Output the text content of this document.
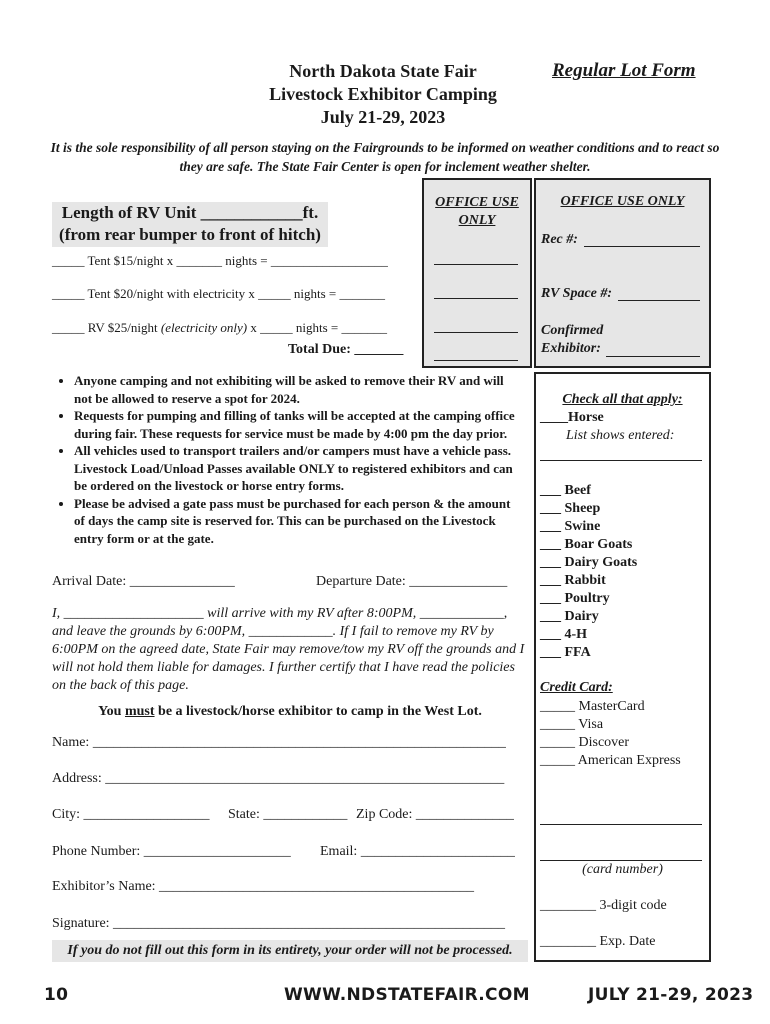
North Dakota State Fair
Livestock Exhibitor Camping
July 21-29, 2023
Regular Lot Form
It is the sole responsibility of all person staying on the Fairgrounds to be informed on weather conditions and to react so they are safe. The State Fair Center is open for inclement weather shelter.
Length of RV Unit ____________ft.
(from rear bumper to front of hitch)
_____ Tent $15/night x _______ nights = __________________
_____ Tent $20/night with electricity x _____ nights = _______
_____ RV $25/night (electricity only) x _____ nights = _______
Total Due: _______
OFFICE USE
ONLY
OFFICE USE ONLY
Rec #:
RV Space #:
Confirmed
Exhibitor:
• Anyone camping and not exhibiting will be asked to remove their RV and will not be allowed to reserve a spot for 2024.
• Requests for pumping and filling of tanks will be accepted at the camping office during fair. These requests for service must be made by 4:00 pm the day prior.
• All vehicles used to transport trailers and/or campers must have a vehicle pass. Livestock Load/Unload Passes available ONLY to registered exhibitors and can be ordered on the livestock or horse entry forms.
• Please be advised a gate pass must be purchased for each person & the amount of days the camp site is reserved for. This can be purchased on the Livestock entry form or at the gate.
Arrival Date: _______________	Departure Date: ______________
I, ____________________ will arrive with my RV after 8:00PM, ____________, and leave the grounds by 6:00PM, ____________. If I fail to remove my RV by 6:00PM on the agreed date, State Fair may remove/tow my RV off the grounds and I will not hold them liable for damages. I further certify that I have read the policies on the back of this page.
You must be a livestock/horse exhibitor to camp in the West Lot.
Name: ___________________________________________________________
Address: _________________________________________________________
City: __________________ State: ____________ Zip Code: ______________
Phone Number: _____________________ Email: ______________________
Exhibitor’s Name: _____________________________________________
Signature: ________________________________________________________
If you do not fill out this form in its entirety, your order will not be processed.
Check all that apply:
____Horse
List shows entered:
___ Beef
___ Sheep
___ Swine
___ Boar Goats
___ Dairy Goats
___ Rabbit
___ Poultry
___ Dairy
___ 4-H
___ FFA
Credit Card:
_____ MasterCard
_____ Visa
_____ Discover
_____ American Express
(card number)
________ 3-digit code
________ Exp. Date
10	WWW.NDSTATEFAIR.COM	JULY 21-29, 2023
